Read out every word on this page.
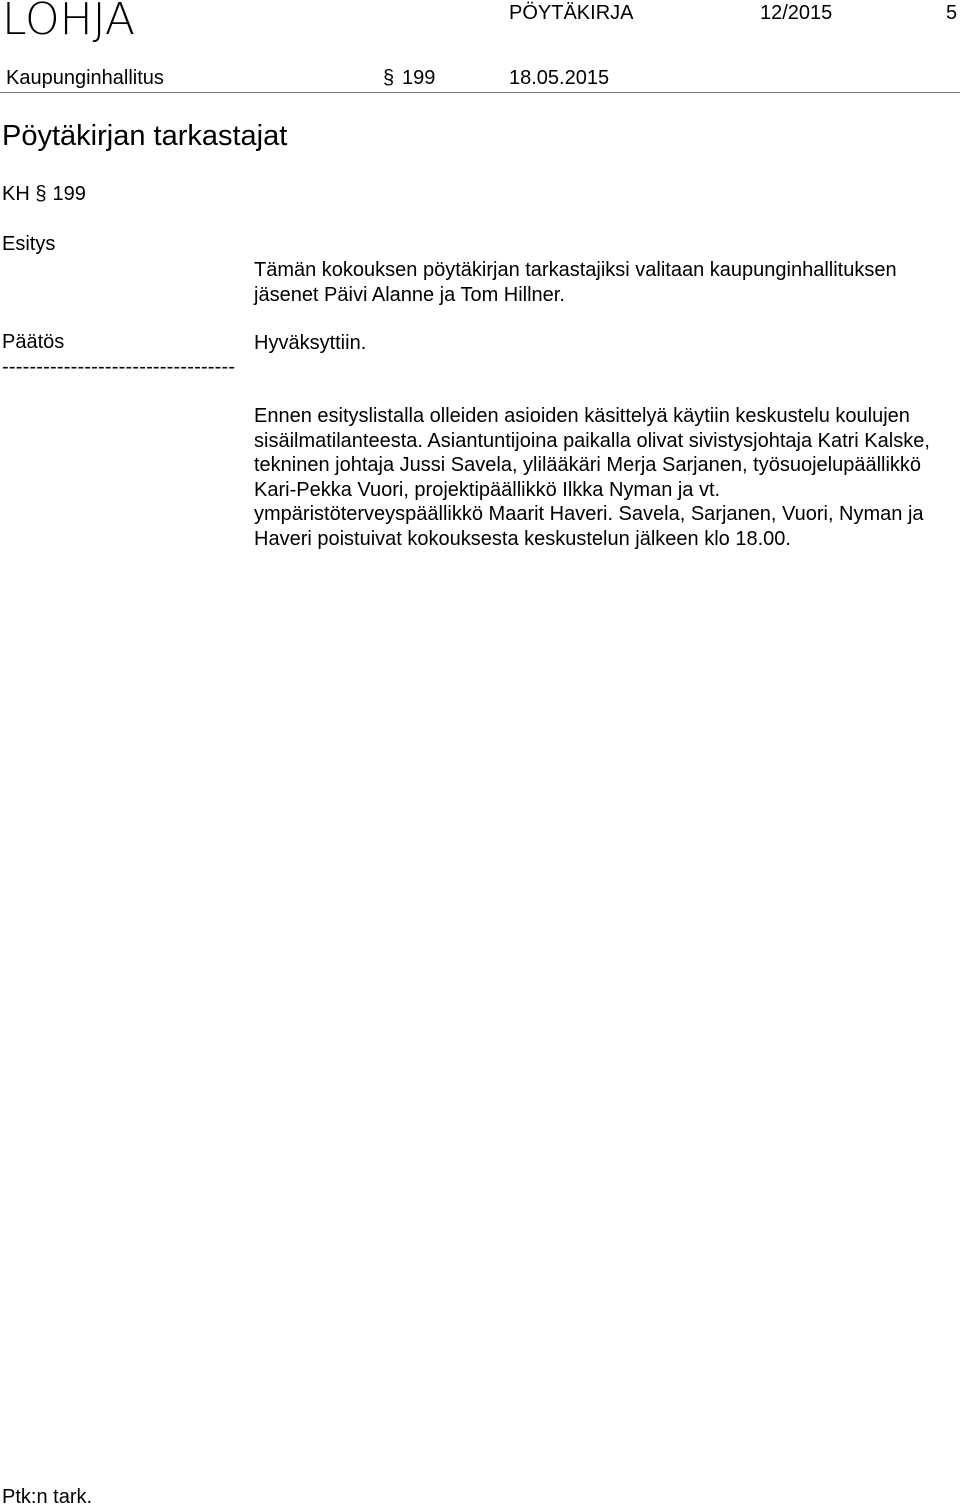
LOHJA	PÖYTÄKIRJA	12/2015	5
Kaupunginhallitus	§ 199	18.05.2015
Pöytäkirjan tarkastajat
KH § 199
Esitys
Tämän kokouksen pöytäkirjan tarkastajiksi valitaan kaupunginhallituksen jäsenet Päivi Alanne ja Tom Hillner.
Päätös
----------------------------------
Hyväksyttiin.
Ennen esityslistalla olleiden asioiden käsittelyä käytiin keskustelu koulujen sisäilmatilanteesta. Asiantuntijoina paikalla olivat sivistysjohtaja Katri Kalske, tekninen johtaja Jussi Savela, ylilääkäri Merja Sarjanen, työsuojelupäällikkö Kari-Pekka Vuori, projektipäällikkö Ilkka Nyman ja vt. ympäristöterveyspäällikkö Maarit Haveri. Savela, Sarjanen, Vuori, Nyman ja Haveri poistuivat kokouksesta keskustelun jälkeen klo 18.00.
Ptk:n tark.
